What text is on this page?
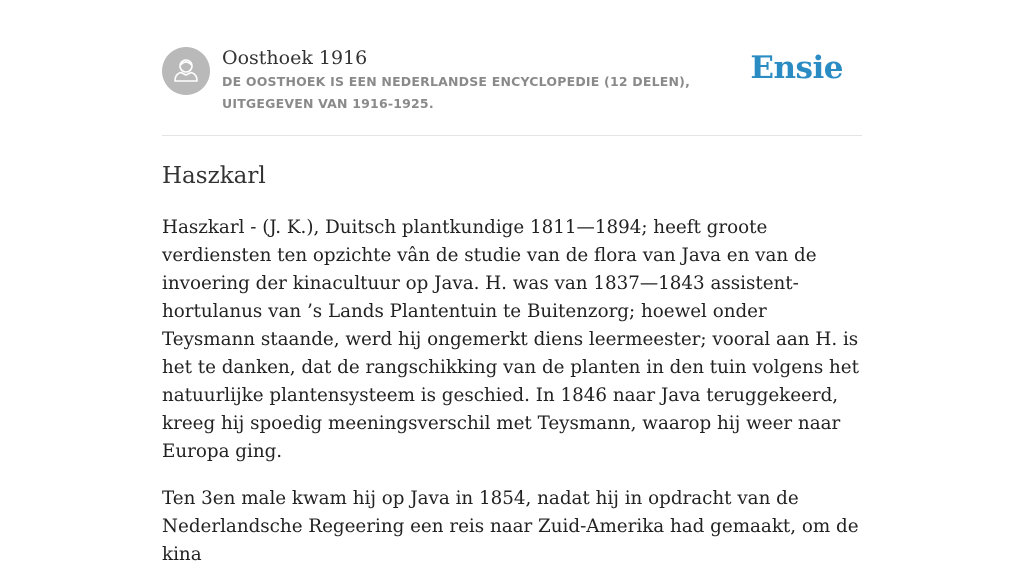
Oosthoek 1916
DE OOSTHOEK IS EEN NEDERLANDSE ENCYCLOPEDIE (12 DELEN), UITGEGEVEN VAN 1916-1925.
Ensie
Haszkarl

Haszkarl - (J. K.), Duitsch plantkundige 1811—1894; heeft groote verdiensten ten opzichte vân de studie van de flora van Java en van de invoering der kinacultuur op Java. H. was van 1837—1843 assistent-hortulanus van ’s Lands Plantentuin te Buitenzorg; hoewel onder Teysmann staande, werd hij ongemerkt diens leermeester; vooral aan H. is het te danken, dat de rangschikking van de planten in den tuin volgens het natuurlijke plantensysteem is geschied. In 1846 naar Java teruggekeerd, kreeg hij spoedig meeningsverschil met Teysmann, waarop hij weer naar Europa ging.

Ten 3en male kwam hij op Java in 1854, nadat hij in opdracht van de Nederlandsche Regeering een reis naar Zuid-Amerika had gemaakt, om de kina
